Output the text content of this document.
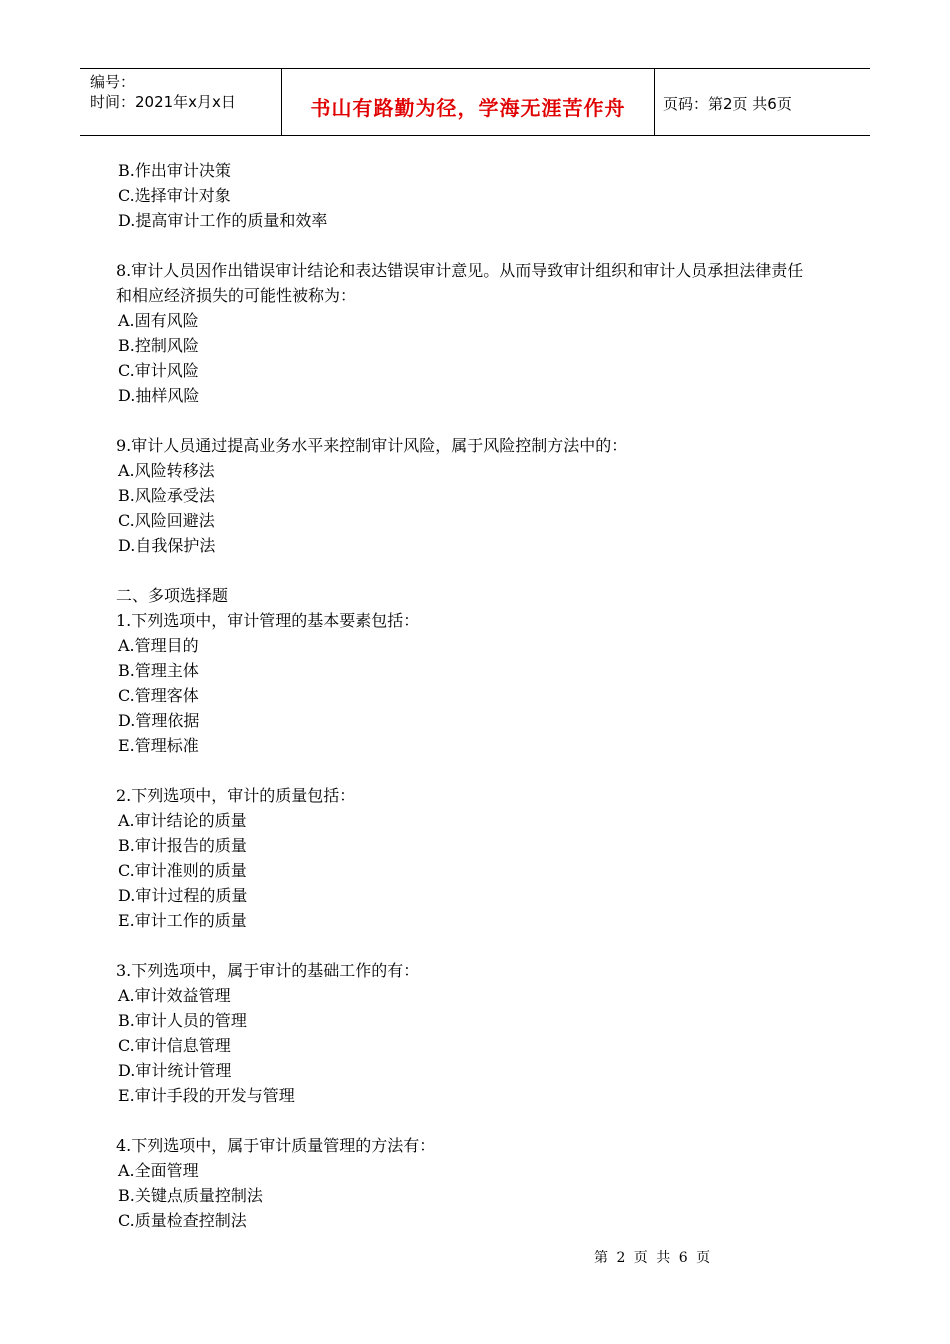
编号：
时间：2021年x月x日	书山有路勤为径，学海无涯苦作舟	页码：第2页 共6页
B.作出审计决策
C.选择审计对象
D.提高审计工作的质量和效率
8.审计人员因作出错误审计结论和表达错误审计意见。从而导致审计组织和审计人员承担法律责任
和相应经济损失的可能性被称为：
A.固有风险
B.控制风险
C.审计风险
D.抽样风险
9.审计人员通过提高业务水平来控制审计风险，属于风险控制方法中的：
A.风险转移法
B.风险承受法
C.风险回避法
D.自我保护法
二、多项选择题
1.下列选项中，审计管理的基本要素包括：
A.管理目的
B.管理主体
C.管理客体
D.管理依据
E.管理标准
2.下列选项中，审计的质量包括：
A.审计结论的质量
B.审计报告的质量
C.审计准则的质量
D.审计过程的质量
E.审计工作的质量
3.下列选项中，属于审计的基础工作的有：
A.审计效益管理
B.审计人员的管理
C.审计信息管理
D.审计统计管理
E.审计手段的开发与管理
4.下列选项中，属于审计质量管理的方法有：
A.全面管理
B.关键点质量控制法
C.质量检查控制法
第 2 页 共 6 页
